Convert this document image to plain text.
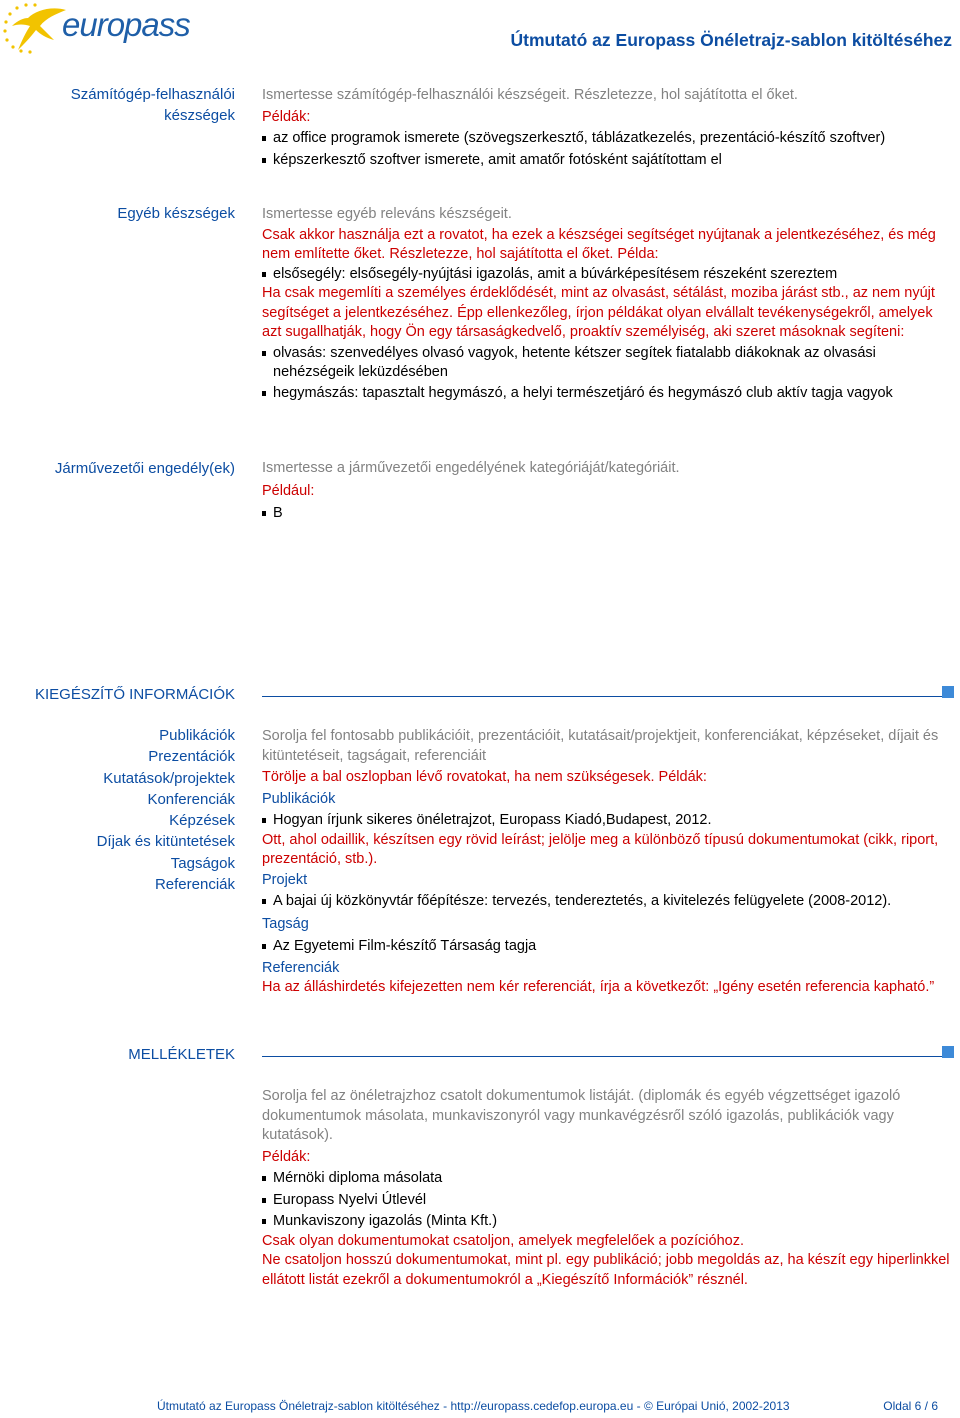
europass	Útmutató az Europass Önéletrajz-sablon kitöltéséhez
Számítógép-felhasználói
készségek

Ismertesse számítógép-felhasználói készségeit. Részletezze, hol sajátította el őket.

Példák:

az office programok ismerete (szövegszerkesztő, táblázatkezelés, prezentáció-készítő szoftver)
képszerkesztő szoftver ismerete, amit amatőr fotósként sajátítottam el
Egyéb készségek Ismertesse egyéb releváns készségeit.

Csak akkor használja ezt a rovatot, ha ezek a készségei segítséget nyújtanak a jelentkezéséhez, és még nem említette őket. Részletezze, hol sajátította el őket. Példa:

elsősegély: elsősegély-nyújtási igazolás, amit a búvárképesítésem részeként szereztem

Ha csak megemlíti a személyes érdeklődését, mint az olvasást, sétálást, moziba járást stb., az nem nyújt segítséget a jelentkezéséhez. Épp ellenkezőleg, írjon példákat olyan elvállalt tevékenységekről, amelyek azt sugallhatják, hogy Ön egy társaságkedvelő, proaktív személyiség, aki szeret másoknak segíteni:

olvasás: szenvedélyes olvasó vagyok, hetente kétszer segítek fiatalabb diákoknak az olvasási nehézségeik leküzdésében
hegymászás: tapasztalt hegymászó, a helyi természetjáró és hegymászó club aktív tagja vagyok
Járművezetői engedély(ek) Ismertesse a járművezetői engedélyének kategóriáját/kategóriáit.

Például:

B
KIEGÉSZÍTŐ INFORMÁCIÓK
Publikációk
Prezentációk
Kutatások/projektek
Konferenciák
Képzések
Díjak és kitüntetések
Tagságok
Referenciák

Sorolja fel fontosabb publikációit, prezentációit, kutatásait/projektjeit, konferenciákat, képzéseket, díjait és kitüntetéseit, tagságait, referenciáit

Törölje a bal oszlopban lévő rovatokat, ha nem szükségesek. Példák:

Publikációk

Hogyan írjunk sikeres önéletrajzot, Europass Kiadó,Budapest, 2012.

Ott, ahol odaillik, készítsen egy rövid leírást; jelölje meg a különböző típusú dokumentumokat (cikk, riport, prezentáció, stb.).

Projekt

A bajai új közkönyvtár főépítésze: tervezés, tendereztetés, a kivitelezés felügyelete (2008-2012).

Tagság

Az Egyetemi Film-készítő Társaság tagja

Referenciák

Ha az álláshirdetés kifejezetten nem kér referenciát, írja a következőt: „Igény esetén referencia kapható.”

MELLÉKLETEK

Sorolja fel az önéletrajzhoz csatolt dokumentumok listáját. (diplomák és egyéb végzettséget igazoló dokumentumok másolata, munkaviszonyról vagy munkavégzésről szóló igazolás, publikációk vagy kutatások).

Példák:

Mérnöki diploma másolata
Europass Nyelvi Útlevél
Munkaviszony igazolás (Minta Kft.)

Csak olyan dokumentumokat csatoljon, amelyek megfelelőek a pozícióhoz.

Ne csatoljon hosszú dokumentumokat, mint pl. egy publikáció; jobb megoldás az, ha készít egy hiperlinkkel ellátott listát ezekről a dokumentumokról a „Kiegészítő Információk” résznél.

Útmutató az Europass Önéletrajz-sablon kitöltéséhez - http://europass.cedefop.europa.eu - © Európai Unió, 2002-2013	Oldal 6 / 6
